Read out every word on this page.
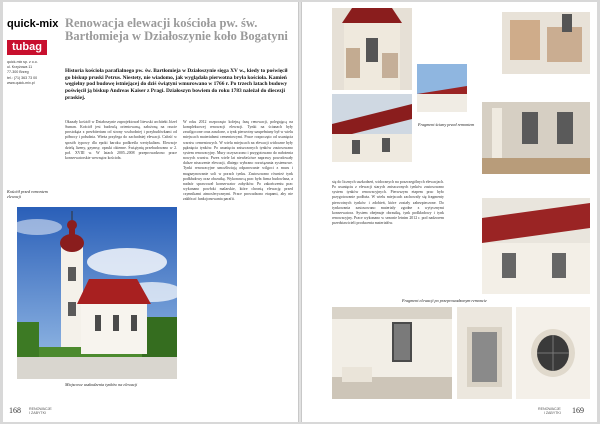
quick-mix
tubag
quick-mix sp. z o.o.
ul. Krzyżowa 11
77-300 Brzeg
tel.: (71) 363 73 00
www.quick-mix.pl
Renowacja elewacji kościoła pw. św. Bartłomieja w Działoszynie koło Bogatyni

Historia kościoła parafialnego pw. św. Bartłomieja w Działoszynie sięga XV w., kiedy to poświęcił go biskup pruski Petrus. Niestety, nie wiadomo, jak wyglądała pierwotna bryła kościoła. Kamień węgielny pod budowę istniejącej do dziś świątyni wmurowano w 1766 r. Po trzech latach budowy poświęcił ją biskup Andreas Kaiser z Pragi. Działoszyn bowiem do roku 1783 należał do diecezji praskiej.

Okazały kościół w Działoszynie zaprojektował litewski architekt Józef Suman. Kościół jest budowlą orientowaną, założoną na rzucie prostokąta z prezbiterium od strony wschodniej i przybudówkami od północy i południa. Wieża przylega do zachodniej elewacji. Całość w sposób typowy dla epoki baroku podkreśla wertykalizm. Elewacje dzielą lizeny, gzymsy, opaski okienne. Świątynię przebudowano w 2. poł. XVIII w. W latach 2005–2008 przeprowadzono prace konserwatorskie wewnątrz kościoła.

W roku 2012 rozpoczęto kolejną fazę renowacji, polegającą na kompleksowej renowacji elewacji. Tynki na ścianach były zawilgocone oraz zasolone, a tynk pierwotny uzupełniany był w wielu miejscach materiałami cementowymi. Prace rozpoczęto od usunięcia warstw cementowych. W wielu miejscach na elewacji widoczne były pęknięcia tynków. Po usunięciu zniszczonych tynków zastosowano system renowacyjny. Mury oczyszczono i przygotowano do nałożenia nowych warstw. Przez wiele lat niewłaściwe naprawy powodowały dalsze niszczenie elewacji, dlatego wybrano rozwiązania systemowe. Tynki renowacyjne umożliwiają odparowanie wilgoci z muru i magazynowanie soli w porach tynku. Zastosowano również tynk podkładowy oraz obrzutkę. Wykonawcą prac była firma budowlana, a nadzór sprawował konserwator zabytków. Po zakończeniu prac wykonano powłoki malarskie, które chronią elewację przed czynnikami atmosferycznymi. Prace prowadzono etapami, aby nie zakłócać funkcjonowania parafii.

Kościół przed remontem elewacji
Miejscowe uszkodzenia tynków na elewacji
168 RENOWACJE
I ZABYTKI
Fragment ściany przed remontem

się do licznych uszkodzeń, widocznych na poszczególnych elewacjach. Po usunięciu z elewacji starych zniszczonych tynków zastosowano system tynków renowacyjnych. Pierwszym etapem prac było przygotowanie podłoża. W wielu miejscach zachowały się fragmenty pierwotnych tynków i zdobień, które zostały zabezpieczone. Do tynkowania zastosowano materiały zgodne z wytycznymi konserwatora. System obejmuje obrzutkę, tynk podkładowy i tynk renowacyjny. Prace wykonano w sezonie letnim 2012 r. pod nadzorem przedstawicieli producenta materiałów.

Fragment elewacji po przeprowadzonym remoncie
RENOWACJE
I ZABYTKI 169
